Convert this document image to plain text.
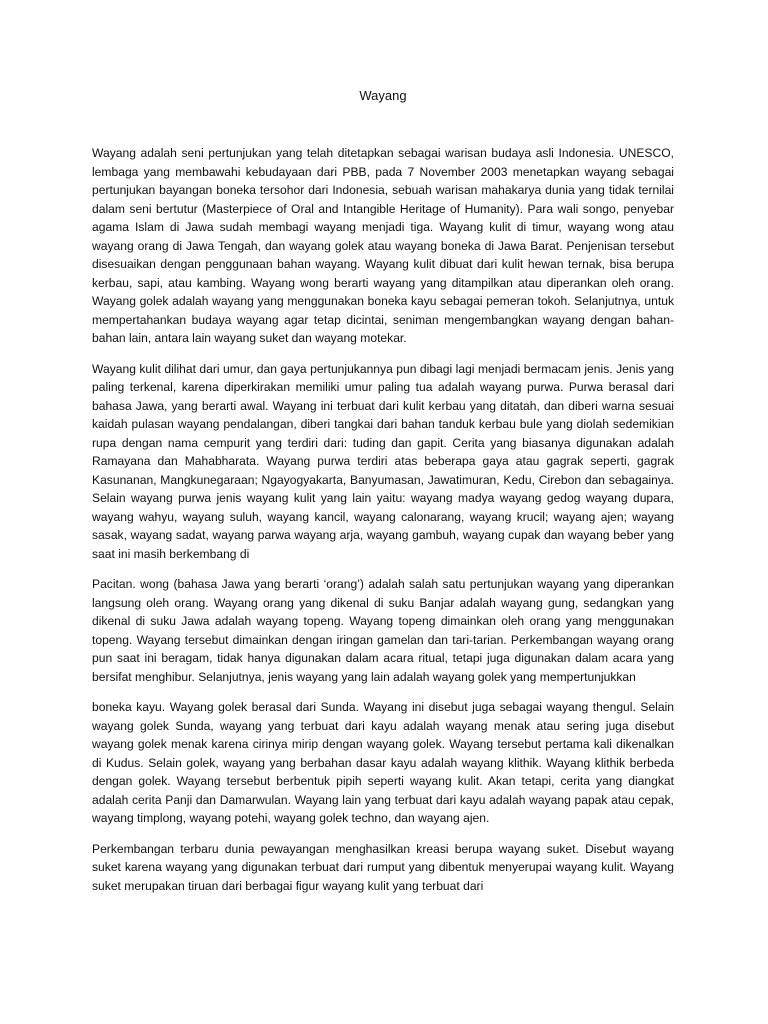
Wayang

Wayang adalah seni pertunjukan yang telah ditetapkan sebagai warisan budaya asli Indonesia. UNESCO, lembaga yang membawahi kebudayaan dari PBB, pada 7 November 2003 menetapkan wayang sebagai pertunjukan bayangan boneka tersohor dari Indonesia, sebuah warisan mahakarya dunia yang tidak ternilai dalam seni bertutur (Masterpiece of Oral and Intangible Heritage of Humanity). Para wali songo, penyebar agama Islam di Jawa sudah membagi wayang menjadi tiga. Wayang kulit di timur, wayang wong atau wayang orang di Jawa Tengah, dan wayang golek atau wayang boneka di Jawa Barat. Penjenisan tersebut disesuaikan dengan penggunaan bahan wayang. Wayang kulit dibuat dari kulit hewan ternak, bisa berupa kerbau, sapi, atau kambing. Wayang wong berarti wayang yang ditampilkan atau diperankan oleh orang. Wayang golek adalah wayang yang menggunakan boneka kayu sebagai pemeran tokoh. Selanjutnya, untuk mempertahankan budaya wayang agar tetap dicintai, seniman mengembangkan wayang dengan bahan-bahan lain, antara lain wayang suket dan wayang motekar.

Wayang kulit dilihat dari umur, dan gaya pertunjukannya pun dibagi lagi menjadi bermacam jenis. Jenis yang paling terkenal, karena diperkirakan memiliki umur paling tua adalah wayang purwa. Purwa berasal dari bahasa Jawa, yang berarti awal. Wayang ini terbuat dari kulit kerbau yang ditatah, dan diberi warna sesuai kaidah pulasan wayang pendalangan, diberi tangkai dari bahan tanduk kerbau bule yang diolah sedemikian rupa dengan nama cempurit yang terdiri dari: tuding dan gapit. Cerita yang biasanya digunakan adalah Ramayana dan Mahabharata. Wayang purwa terdiri atas beberapa gaya atau gagrak seperti, gagrak Kasunanan, Mangkunegaraan; Ngayogyakarta, Banyumasan, Jawatimuran, Kedu, Cirebon dan sebagainya. Selain wayang purwa jenis wayang kulit yang lain yaitu: wayang madya wayang gedog wayang dupara, wayang wahyu, wayang suluh, wayang kancil, wayang calonarang, wayang krucil; wayang ajen; wayang sasak, wayang sadat, wayang parwa wayang arja, wayang gambuh, wayang cupak dan wayang beber yang saat ini masih berkembang di

Pacitan. wong (bahasa Jawa yang berarti ‘orang’) adalah salah satu pertunjukan wayang yang diperankan langsung oleh orang. Wayang orang yang dikenal di suku Banjar adalah wayang gung, sedangkan yang dikenal di suku Jawa adalah wayang topeng. Wayang topeng dimainkan oleh orang yang menggunakan topeng. Wayang tersebut dimainkan dengan iringan gamelan dan tari-tarian. Perkembangan wayang orang pun saat ini beragam, tidak hanya digunakan dalam acara ritual, tetapi juga digunakan dalam acara yang bersifat menghibur. Selanjutnya, jenis wayang yang lain adalah wayang golek yang mempertunjukkan

boneka kayu. Wayang golek berasal dari Sunda. Wayang ini disebut juga sebagai wayang thengul. Selain wayang golek Sunda, wayang yang terbuat dari kayu adalah wayang menak atau sering juga disebut wayang golek menak karena cirinya mirip dengan wayang golek. Wayang tersebut pertama kali dikenalkan di Kudus. Selain golek, wayang yang berbahan dasar kayu adalah wayang klithik. Wayang klithik berbeda dengan golek. Wayang tersebut berbentuk pipih seperti wayang kulit. Akan tetapi, cerita yang diangkat adalah cerita Panji dan Damarwulan. Wayang lain yang terbuat dari kayu adalah wayang papak atau cepak, wayang timplong, wayang potehi, wayang golek techno, dan wayang ajen.

Perkembangan terbaru dunia pewayangan menghasilkan kreasi berupa wayang suket. Disebut wayang suket karena wayang yang digunakan terbuat dari rumput yang dibentuk menyerupai wayang kulit. Wayang suket merupakan tiruan dari berbagai figur wayang kulit yang terbuat dari
